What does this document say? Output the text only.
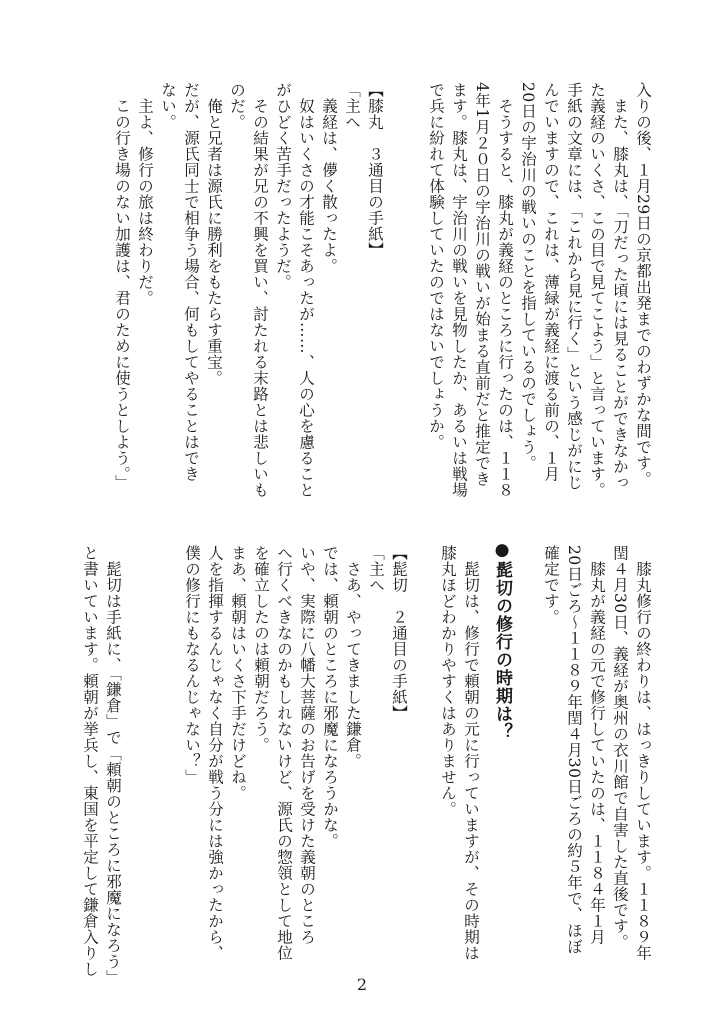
入りの後、１月29日の京都出発までのわずかな間です。

また、膝丸は、「刀だった頃には見ることができなかっ

た義経のいくさ、この目で見てこよう」と言っています。

手紙の文章には、「これから見に行く」という感じがにじ

んでいますので、これは、薄緑が義経に渡る前の、１月

20日の宇治川の戦いのことを指しているのでしょう。

そうすると、膝丸が義経のところに行ったのは、１１８

4年1月２０日の宇治川の戦いが始まる直前だと推定でき

ます。膝丸は、宇治川の戦いを見物したか、あるいは戦場

で兵に紛れて体験していたのではないでしょうか。

【膝丸　３通目の手紙】

「主へ

義経は、儚く散ったよ。

奴はいくさの才能こそあったが……、人の心を慮ること

がひどく苦手だったようだ。

その結果が兄の不興を買い、討たれる末路とは悲しいも

のだ。

俺と兄者は源氏に勝利をもたらす重宝。

だが、源氏同士で相争う場合、何もしてやることはでき

ない。

主よ、修行の旅は終わりだ。

この行き場のない加護は、君のために使うとしよう。」

膝丸修行の終わりは、はっきりしています。１１８９年

閏４月30日、義経が奥州の衣川館で自害した直後です。

膝丸が義経の元で修行していたのは、１１８４年１月

20日ごろ〜１１８９年閏４月30日ごろの約５年で、ほぼ

確定です。

●髭切の修行の時期は？

髭切は、修行で頼朝の元に行っていますが、その時期は

膝丸ほどわかりやすくはありません。

【髭切　２通目の手紙】

「主へ

さあ、やってきました鎌倉。

では、頼朝のところに邪魔になろうかな。

いや、実際に八幡大菩薩のお告げを受けた義朝のところ

へ行くべきなのかもしれないけど、源氏の惣領として地位

を確立したのは頼朝だろう。

まあ、頼朝はいくさ下手だけどね。

人を指揮するんじゃなく自分が戦う分には強かったから、

僕の修行にもなるんじゃない？」

髭切は手紙に、「鎌倉」で「頼朝のところに邪魔になろう」

と書いています。頼朝が挙兵し、東国を平定して鎌倉入りし

2
